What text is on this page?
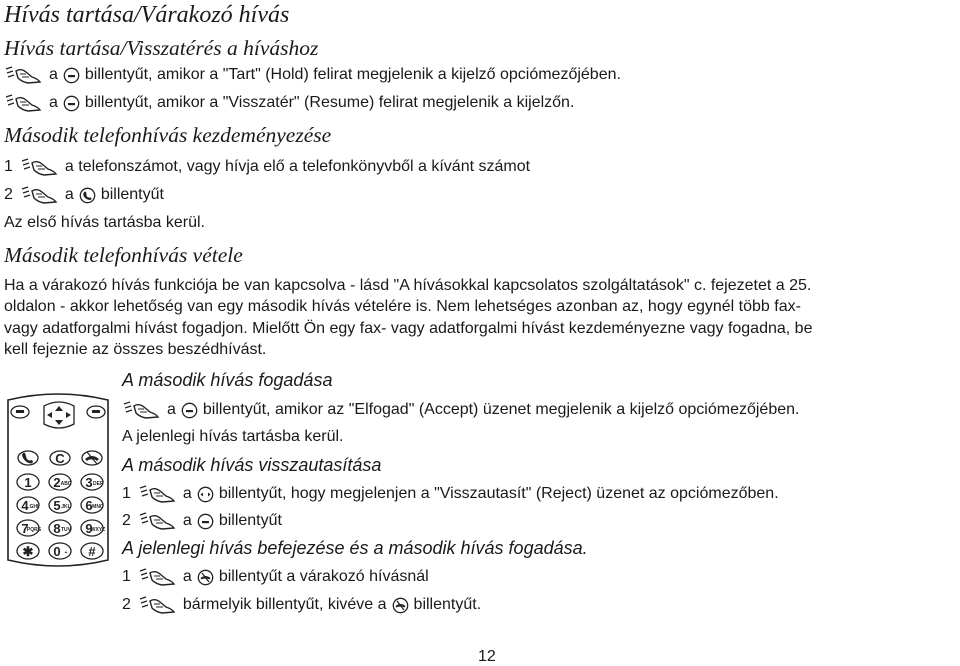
Hívás tartása/Várakozó hívás
Hívás tartása/Visszatérés a híváshoz
a billentyűt, amikor a "Tart" (Hold) felirat megjelenik a kijelző opciómezőjében.
a billentyűt, amikor a "Visszatér" (Resume) felirat megjelenik a kijelzőn.
Második telefonhívás kezdeményezése
1	a telefonszámot, vagy hívja elő a telefonkönyvből a kívánt számot
2	a billentyűt
Az első hívás tartásba kerül.
Második telefonhívás vétele
Ha a várakozó hívás funkciója be van kapcsolva - lásd "A hívásokkal kapcsolatos szolgáltatások" c. fejezetet a 25.
oldalon - akkor lehetőség van egy második hívás vételére is. Nem lehetséges azonban az, hogy egynél több fax-
vagy adatforgalmi hívást fogadjon. Mielőtt Ön egy fax- vagy adatforgalmi hívást kezdeményezne vagy fogadna, be
kell fejeznie az összes beszédhívást.
C
1 2 ABC 3 DEF
4 GHI 5 JKL 6 MNO
7
PQRS 8 TUV 9
WXYZ
✱ 0 + #
A második hívás fogadása
a billentyűt, amikor az "Elfogad" (Accept) üzenet megjelenik a kijelző opciómezőjében.
A jelenlegi hívás tartásba kerül.
A második hívás visszautasítása
1	a billentyűt, hogy megjelenjen a "Visszautasít" (Reject) üzenet az opciómezőben.
2	a billentyűt
A jelenlegi hívás befejezése és a második hívás fogadása.
1	a billentyűt a várakozó hívásnál
2	bármelyik billentyűt, kivéve a billentyűt.
12
